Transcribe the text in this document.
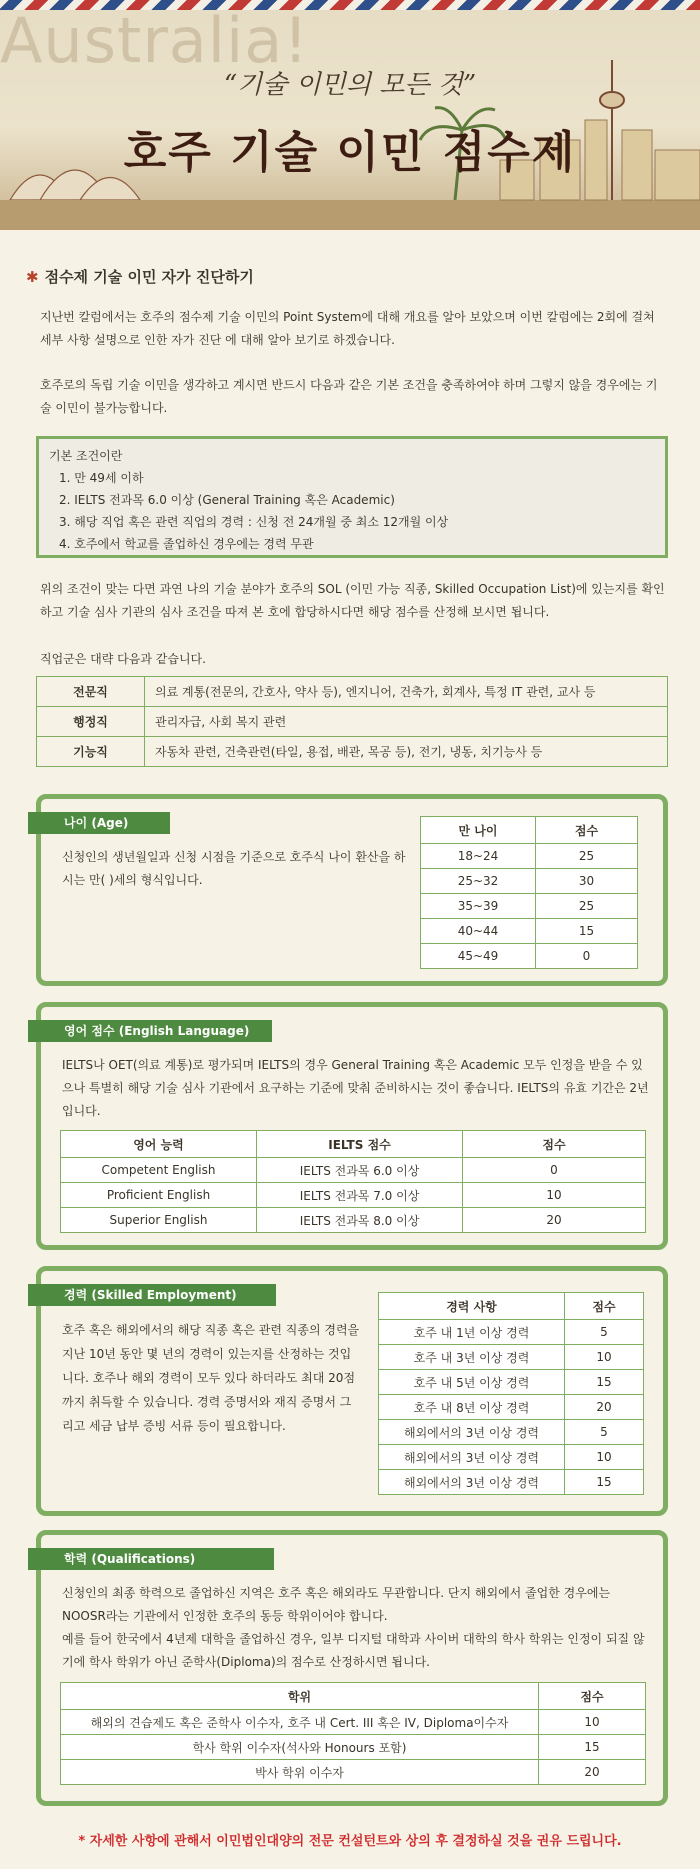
Australia!
“기술 이민의 모든 것”
호주 기술 이민 점수제
✱ 점수제 기술 이민 자가 진단하기
지난번 칼럼에서는 호주의 점수제 기술 이민의 Point System에 대해 개요를 알아 보았으며 이번 칼럼에는 2회에 걸쳐 세부 사항 설명으로 인한 자가 진단 에 대해 알아 보기로 하겠습니다.
호주로의 독립 기술 이민을 생각하고 계시면 반드시 다음과 같은 기본 조건을 충족하여야 하며 그렇지 않을 경우에는 기술 이민이 불가능합니다.
기본 조건이란
1. 만 49세 이하
2. IELTS 전과목 6.0 이상 (General Training 혹은 Academic)
3. 해당 직업 혹은 관련 직업의 경력 : 신청 전 24개월 중 최소 12개월 이상
4. 호주에서 학교를 졸업하신 경우에는 경력 무관
위의 조건이 맞는 다면 과연 나의 기술 분야가 호주의 SOL (이민 가능 직종, Skilled Occupation List)에 있는지를 확인하고 기술 심사 기관의 심사 조건을 따져 본 호에 합당하시다면 해당 점수를 산정해 보시면 됩니다.
직업군은 대략 다음과 같습니다.
전문직	의료 계통(전문의, 간호사, 약사 등), 엔지니어, 건축가, 회계사, 특정 IT 관련, 교사 등
행정직	관리자급, 사회 복지 관련
기능직	자동차 관련, 건축관련(타일, 용접, 배관, 목공 등), 전기, 냉동, 치기능사 등
나이 (Age)
신청인의 생년월일과 신청 시점을 기준으로 호주식 나이 환산을 하시는 만( )세의 형식입니다.
만 나이	점수
18~24	25
25~32	30
35~39	25
40~44	15
45~49	0
영어 점수 (English Language)
IELTS나 OET(의료 계통)로 평가되며 IELTS의 경우 General Training 혹은 Academic 모두 인정을 받을 수 있으나 특별히 해당 기술 심사 기관에서 요구하는 기준에 맞춰 준비하시는 것이 좋습니다. IELTS의 유효 기간은 2년입니다.
영어 능력	IELTS 점수	점수
Competent English	IELTS 전과목 6.0 이상	0
Proficient English	IELTS 전과목 7.0 이상	10
Superior English	IELTS 전과목 8.0 이상	20
경력 (Skilled Employment)
호주 혹은 해외에서의 해당 직종 혹은 관련 직종의 경력을 지난 10년 동안 몇 년의 경력이 있는지를 산정하는 것입니다. 호주나 해외 경력이 모두 있다 하더라도 최대 20점까지 취득할 수 있습니다. 경력 증명서와 재직 증명서 그리고 세금 납부 증빙 서류 등이 필요합니다.
경력 사항	점수
호주 내 1년 이상 경력	5
호주 내 3년 이상 경력	10
호주 내 5년 이상 경력	15
호주 내 8년 이상 경력	20
해외에서의 3년 이상 경력	5
해외에서의 3년 이상 경력	10
해외에서의 3년 이상 경력	15
학력 (Qualifications)
신청인의 최종 학력으로 졸업하신 지역은 호주 혹은 해외라도 무관합니다. 단지 해외에서 졸업한 경우에는 NOOSR라는 기관에서 인정한 호주의 동등 학위이어야 합니다.
예를 들어 한국에서 4년제 대학을 졸업하신 경우, 일부 디지털 대학과 사이버 대학의 학사 학위는 인정이 되질 않기에 학사 학위가 아닌 준학사(Diploma)의 점수로 산정하시면 됩니다.
학위	점수
해외의 견습제도 혹은 준학사 이수자, 호주 내 Cert. III 혹은 IV, Diploma이수자	10
학사 학위 이수자(석사와 Honours 포함)	15
박사 학위 이수자	20
* 자세한 사항에 관해서 이민법인대양의 전문 컨설턴트와 상의 후 결정하실 것을 권유 드립니다.
